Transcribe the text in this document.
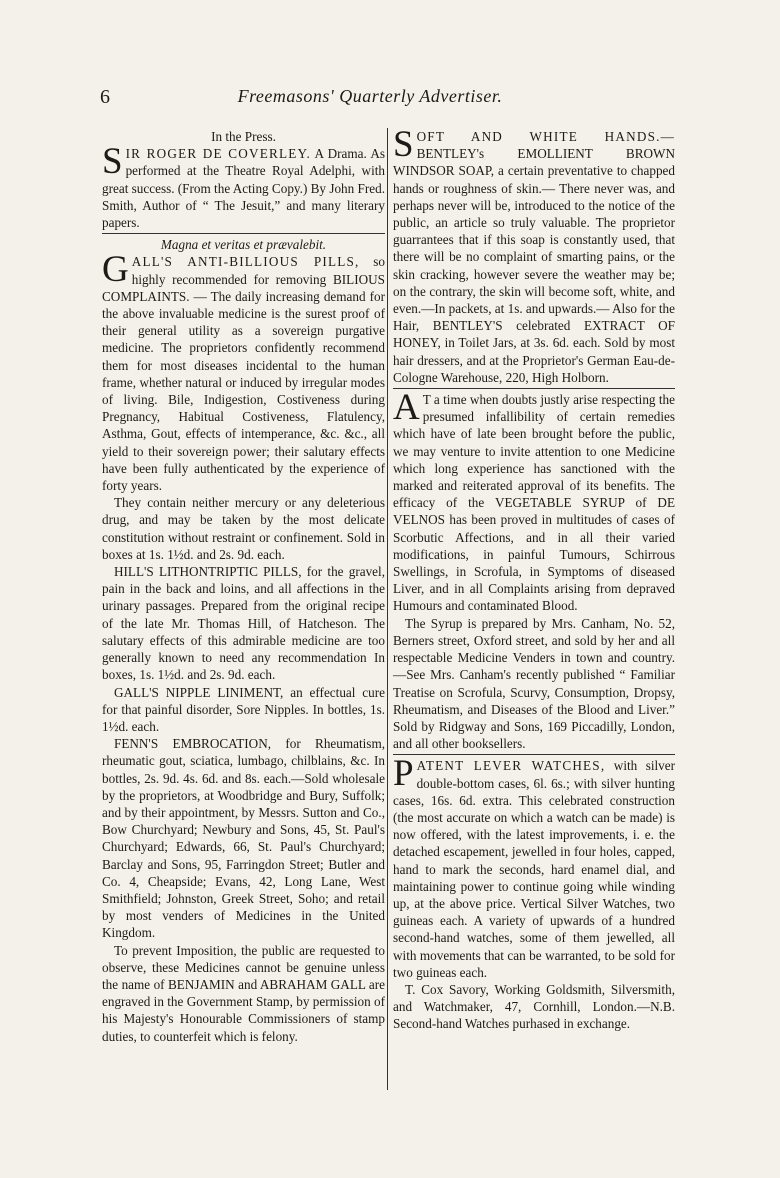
6	Freemasons' Quarterly Advertiser.

In the Press.

S IR ROGER DE COVERLEY. A Drama. As performed at the Theatre Royal Adelphi, with great success. (From the Acting Copy.) By John Fred. Smith, Author of “ The Jesuit,” and many literary papers.

Magna et veritas et prævalebit.

G ALL'S ANTI-BILLIOUS PILLS, so highly recommended for removing BILIOUS COMPLAINTS. — The daily increasing demand for the above invaluable medicine is the surest proof of their general utility as a sovereign purgative medicine. The proprietors confidently recommend them for most diseases incidental to the human frame, whether natural or induced by irregular modes of living. Bile, Indigestion, Costiveness during Pregnancy, Habitual Costiveness, Flatulency, Asthma, Gout, effects of intemperance, &c. &c., all yield to their sovereign power; their salutary effects have been fully authenticated by the experience of forty years.

They contain neither mercury or any deleterious drug, and may be taken by the most delicate constitution without restraint or confinement. Sold in boxes at 1s. 1½d. and 2s. 9d. each.

HILL'S LITHONTRIPTIC PILLS, for the gravel, pain in the back and loins, and all affections in the urinary passages. Prepared from the original recipe of the late Mr. Thomas Hill, of Hatcheson. The salutary effects of this admirable medicine are too generally known to need any recommendation In boxes, 1s. 1½d. and 2s. 9d. each.

GALL'S NIPPLE LINIMENT, an effectual cure for that painful disorder, Sore Nipples. In bottles, 1s. 1½d. each.

FENN'S EMBROCATION, for Rheumatism, rheumatic gout, sciatica, lumbago, chilblains, &c. In bottles, 2s. 9d. 4s. 6d. and 8s. each.—Sold wholesale by the proprietors, at Woodbridge and Bury, Suffolk; and by their appointment, by Messrs. Sutton and Co., Bow Churchyard; Newbury and Sons, 45, St. Paul's Churchyard; Edwards, 66, St. Paul's Churchyard; Barclay and Sons, 95, Farringdon Street; Butler and Co. 4, Cheapside; Evans, 42, Long Lane, West Smithfield; Johnston, Greek Street, Soho; and retail by most venders of Medicines in the United Kingdom.

To prevent Imposition, the public are requested to observe, these Medicines cannot be genuine unless the name of BENJAMIN and ABRAHAM GALL are engraved in the Government Stamp, by permission of his Majesty's Honourable Commissioners of stamp duties, to counterfeit which is felony.

S OFT AND WHITE HANDS.— BENTLEY's EMOLLIENT BROWN WINDSOR SOAP, a certain preventative to chapped hands or roughness of skin.— There never was, and perhaps never will be, introduced to the notice of the public, an article so truly valuable. The proprietor guarrantees that if this soap is constantly used, that there will be no complaint of smarting pains, or the skin cracking, however severe the weather may be; on the contrary, the skin will become soft, white, and even.—In packets, at 1s. and upwards.— Also for the Hair, BENTLEY'S celebrated EXTRACT OF HONEY, in Toilet Jars, at 3s. 6d. each. Sold by most hair dressers, and at the Proprietor's German Eau-de-Cologne Warehouse, 220, High Holborn.

A T a time when doubts justly arise respecting the presumed infallibility of certain remedies which have of late been brought before the public, we may venture to invite attention to one Medicine which long experience has sanctioned with the marked and reiterated approval of its benefits. The efficacy of the VEGETABLE SYRUP of DE VELNOS has been proved in multitudes of cases of Scorbutic Affections, and in all their varied modifications, in painful Tumours, Schirrous Swellings, in Scrofula, in Symptoms of diseased Liver, and in all Complaints arising from depraved Humours and contaminated Blood.

The Syrup is prepared by Mrs. Canham, No. 52, Berners street, Oxford street, and sold by her and all respectable Medicine Venders in town and country.—See Mrs. Canham's recently published “ Familiar Treatise on Scrofula, Scurvy, Consumption, Dropsy, Rheumatism, and Diseases of the Blood and Liver.” Sold by Ridgway and Sons, 169 Piccadilly, London, and all other booksellers.

P ATENT LEVER WATCHES, with silver double-bottom cases, 6l. 6s.; with silver hunting cases, 16s. 6d. extra. This celebrated construction (the most accurate on which a watch can be made) is now offered, with the latest improvements, i. e. the detached escapement, jewelled in four holes, capped, hand to mark the seconds, hard enamel dial, and maintaining power to continue going while winding up, at the above price. Vertical Silver Watches, two guineas each. A variety of upwards of a hundred second-hand watches, some of them jewelled, all with movements that can be warranted, to be sold for two guineas each.

T. Cox Savory, Working Goldsmith, Silversmith, and Watchmaker, 47, Cornhill, London.—N.B. Second-hand Watches purhased in exchange.
